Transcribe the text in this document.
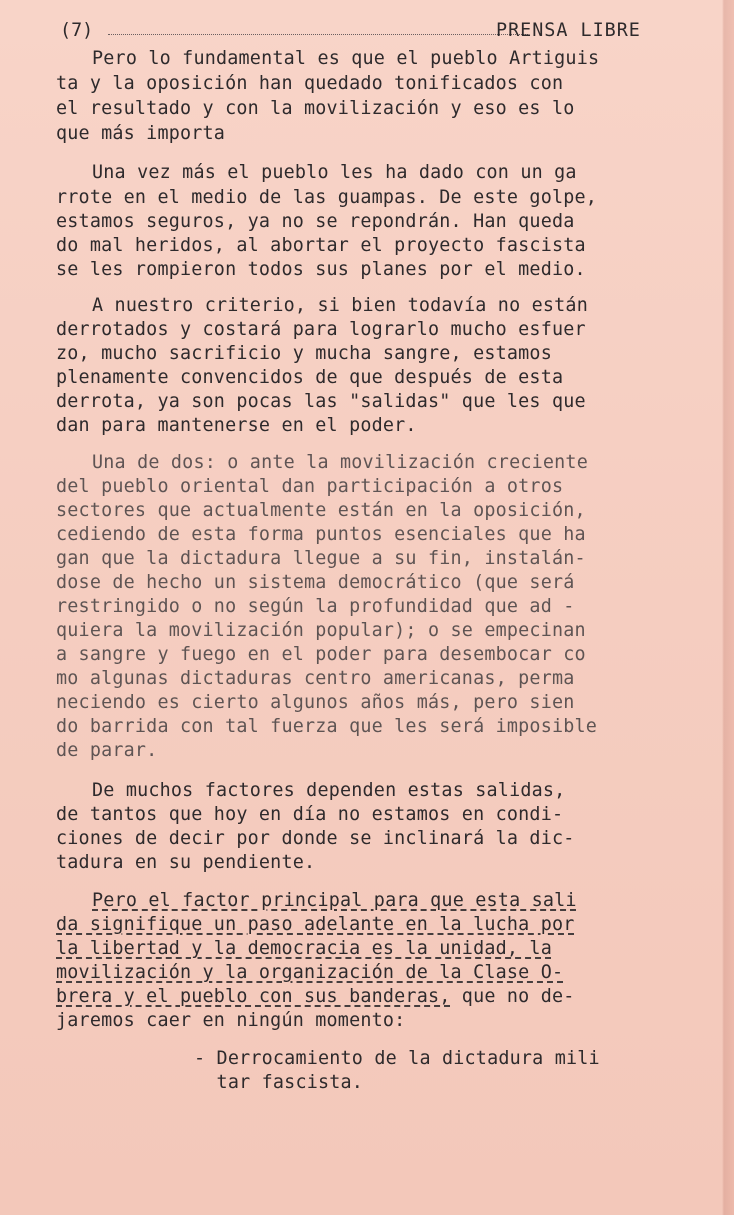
(7)	PRENSA LIBRE
Pero lo fundamental es que el pueblo Artiguis
ta y la oposición han quedado tonificados con
el resultado y con la movilización y eso es lo
que más importa
Una vez más el pueblo les ha dado con un ga
rrote en el medio de las guampas. De este golpe,
estamos seguros, ya no se repondrán. Han queda
do mal heridos, al abortar el proyecto fascista
se les rompieron todos sus planes por el medio.
A nuestro criterio, si bien todavía no están
derrotados y costará para lograrlo mucho esfuer
zo, mucho sacrificio y mucha sangre, estamos
plenamente convencidos de que después de esta
derrota, ya son pocas las "salidas" que les que
dan para mantenerse en el poder.
Una de dos: o ante la movilización creciente
del pueblo oriental dan participación a otros
sectores que actualmente están en la oposición,
cediendo de esta forma puntos esenciales que ha
gan que la dictadura llegue a su fin, instalán-
dose de hecho un sistema democrático (que será
restringido o no según la profundidad que ad -
quiera la movilización popular); o se empecinan
a sangre y fuego en el poder para desembocar co
mo algunas dictaduras centro americanas, perma
neciendo es cierto algunos años más, pero sien
do barrida con tal fuerza que les será imposible
de parar.
De muchos factores dependen estas salidas,
de tantos que hoy en día no estamos en condi-
ciones de decir por donde se inclinará la dic-
tadura en su pendiente.
Pero el factor principal para que esta sali
da signifique un paso adelante en la lucha por
la libertad y la democracia es la unidad, la
movilización y la organización de la Clase O-
brera y el pueblo con sus banderas, que no de-
jaremos caer en ningún momento:
- Derrocamiento de la dictadura mili
tar fascista.
